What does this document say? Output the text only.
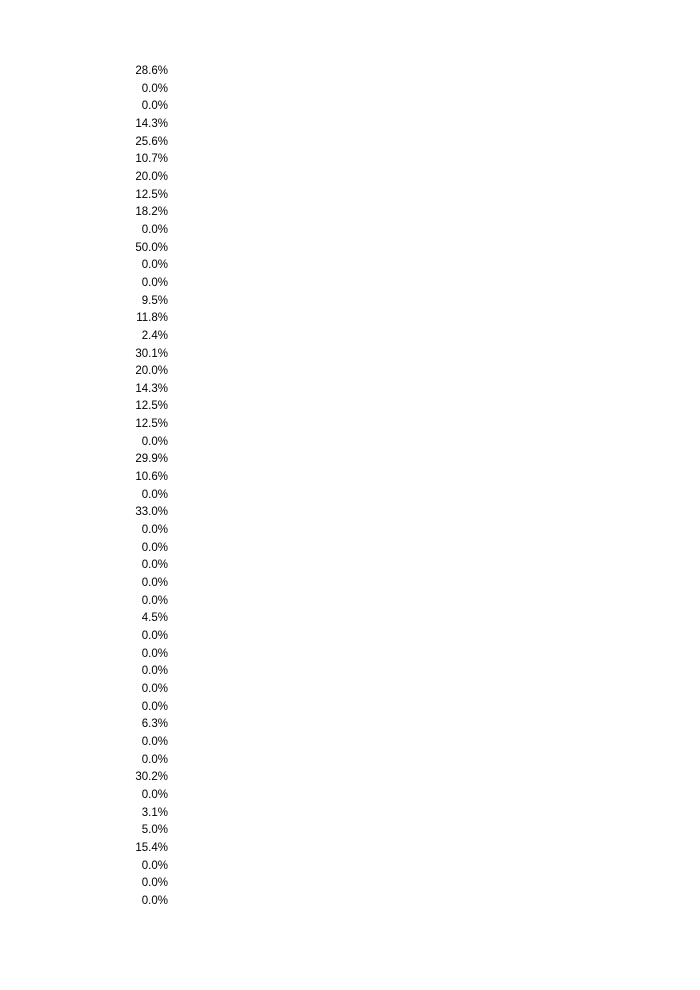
28.6%
0.0%
0.0%
14.3%
25.6%
10.7%
20.0%
12.5%
18.2%
0.0%
50.0%
0.0%
0.0%
9.5%
11.8%
2.4%
30.1%
20.0%
14.3%
12.5%
12.5%
0.0%
29.9%
10.6%
0.0%
33.0%
0.0%
0.0%
0.0%
0.0%
0.0%
4.5%
0.0%
0.0%
0.0%
0.0%
0.0%
6.3%
0.0%
0.0%
30.2%
0.0%
3.1%
5.0%
15.4%
0.0%
0.0%
0.0%
